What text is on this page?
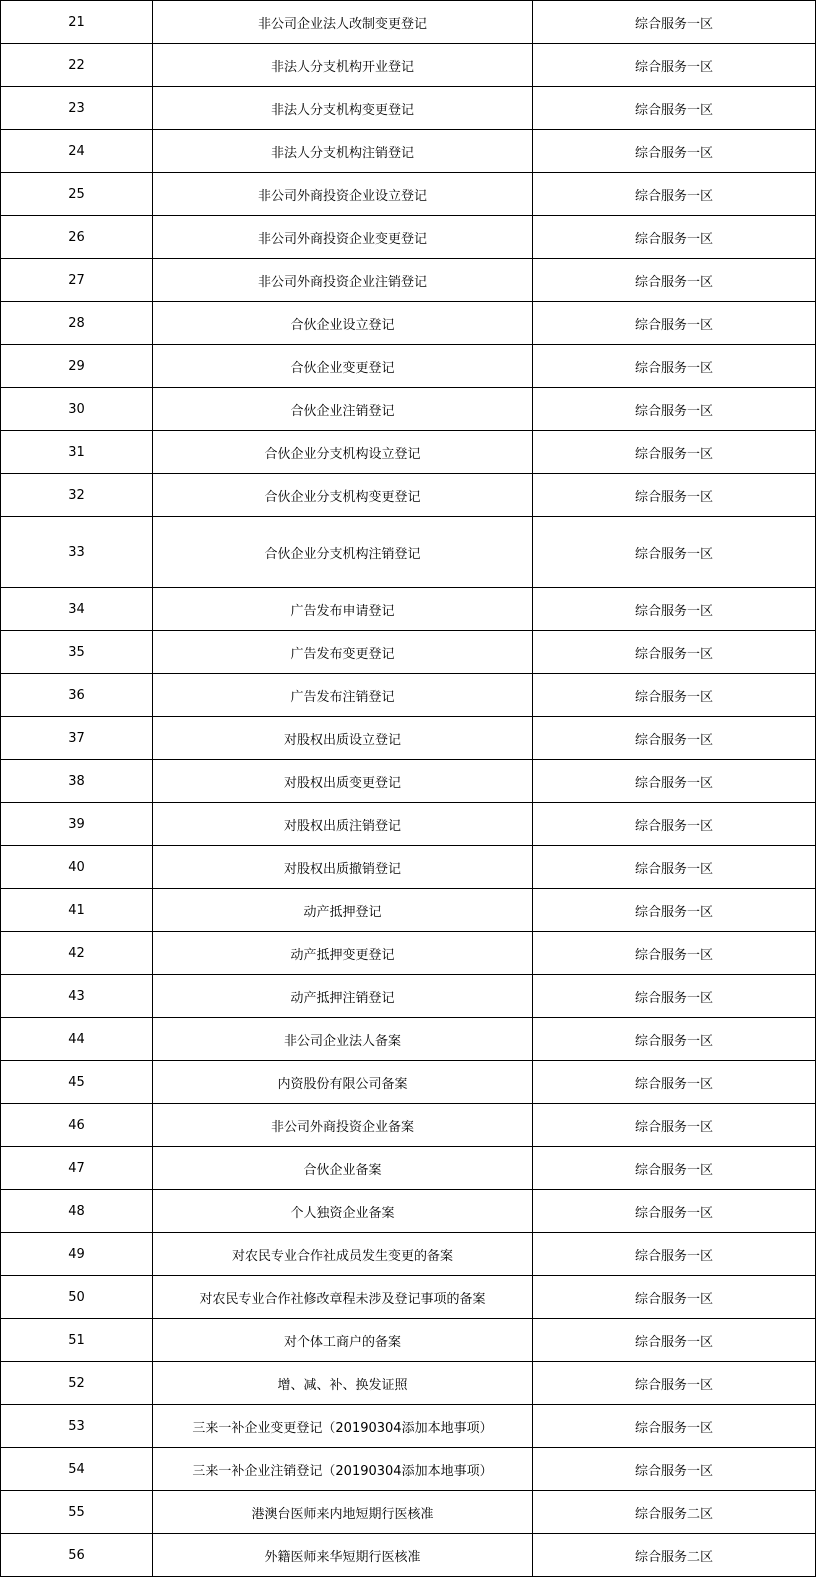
21	非公司企业法人改制变更登记	综合服务一区
22	非法人分支机构开业登记	综合服务一区
23	非法人分支机构变更登记	综合服务一区
24	非法人分支机构注销登记	综合服务一区
25	非公司外商投资企业设立登记	综合服务一区
26	非公司外商投资企业变更登记	综合服务一区
27	非公司外商投资企业注销登记	综合服务一区
28	合伙企业设立登记	综合服务一区
29	合伙企业变更登记	综合服务一区
30	合伙企业注销登记	综合服务一区
31	合伙企业分支机构设立登记	综合服务一区
32	合伙企业分支机构变更登记	综合服务一区
33	合伙企业分支机构注销登记	综合服务一区
34	广告发布申请登记	综合服务一区
35	广告发布变更登记	综合服务一区
36	广告发布注销登记	综合服务一区
37	对股权出质设立登记	综合服务一区
38	对股权出质变更登记	综合服务一区
39	对股权出质注销登记	综合服务一区
40	对股权出质撤销登记	综合服务一区
41	动产抵押登记	综合服务一区
42	动产抵押变更登记	综合服务一区
43	动产抵押注销登记	综合服务一区
44	非公司企业法人备案	综合服务一区
45	内资股份有限公司备案	综合服务一区
46	非公司外商投资企业备案	综合服务一区
47	合伙企业备案	综合服务一区
48	个人独资企业备案	综合服务一区
49	对农民专业合作社成员发生变更的备案	综合服务一区
50	对农民专业合作社修改章程未涉及登记事项的备案	综合服务一区
51	对个体工商户的备案	综合服务一区
52	增、减、补、换发证照	综合服务一区
53	三来一补企业变更登记（20190304添加本地事项）	综合服务一区
54	三来一补企业注销登记（20190304添加本地事项）	综合服务一区
55	港澳台医师来内地短期行医核准	综合服务二区
56	外籍医师来华短期行医核准	综合服务二区
